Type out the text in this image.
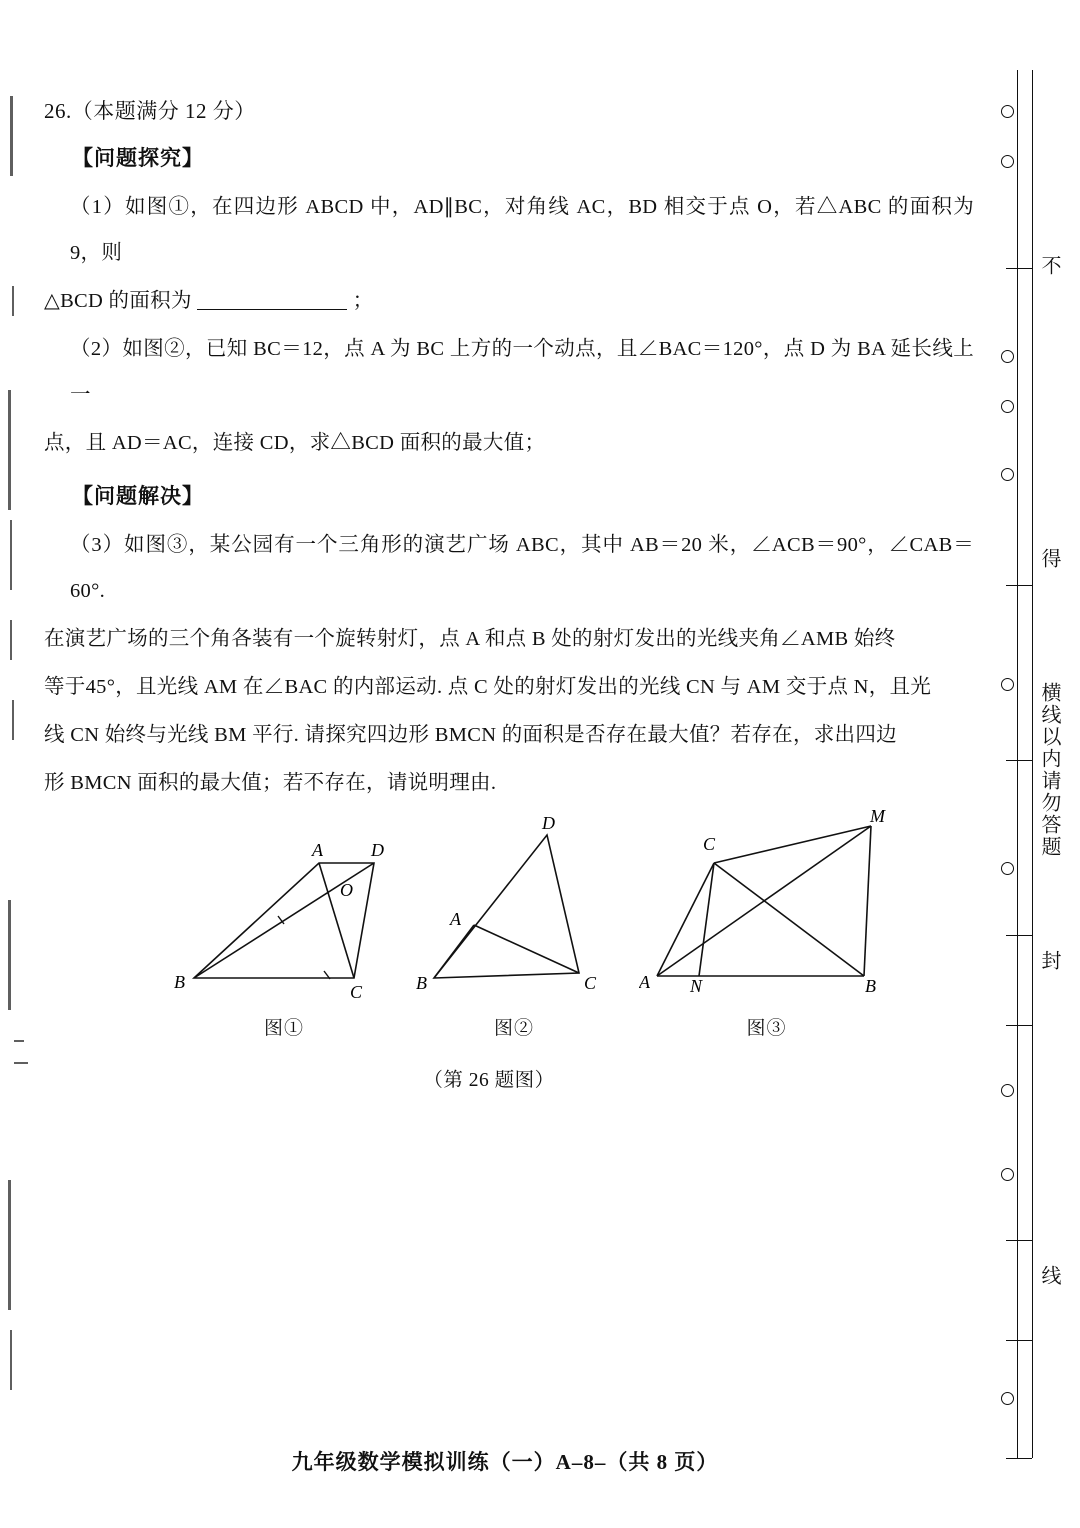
26.（本题满分 12 分）
【问题探究】
（1）如图①，在四边形 ABCD 中，AD∥BC，对角线 AC，BD 相交于点 O，若△ABC 的面积为 9，则
△BCD 的面积为	；
（2）如图②，已知 BC＝12，点 A 为 BC 上方的一个动点，且∠BAC＝120°，点 D 为 BA 延长线上一
点，且 AD＝AC，连接 CD，求△BCD 面积的最大值；
【问题解决】
（3）如图③，某公园有一个三角形的演艺广场 ABC，其中 AB＝20 米，∠ACB＝90°，∠CAB＝60°.
在演艺广场的三个角各装有一个旋转射灯，点 A 和点 B 处的射灯发出的光线夹角∠AMB 始终
等于45°，且光线 AM 在∠BAC 的内部运动. 点 C 处的射灯发出的光线 CN 与 AM 交于点 N，且光
线 CN 始终与光线 BM 平行. 请探究四边形 BMCN 的面积是否存在最大值？若存在，求出四边
形 BMCN 面积的最大值；若不存在，请说明理由.
A	D
O
B	C
图①
D
A
B	C
图②
C
M
N
A	B
图③
（第 26 题图）
不
得
横线以内请勿答题
封
线
九年级数学模拟训练（一）A–8–（共 8 页）
